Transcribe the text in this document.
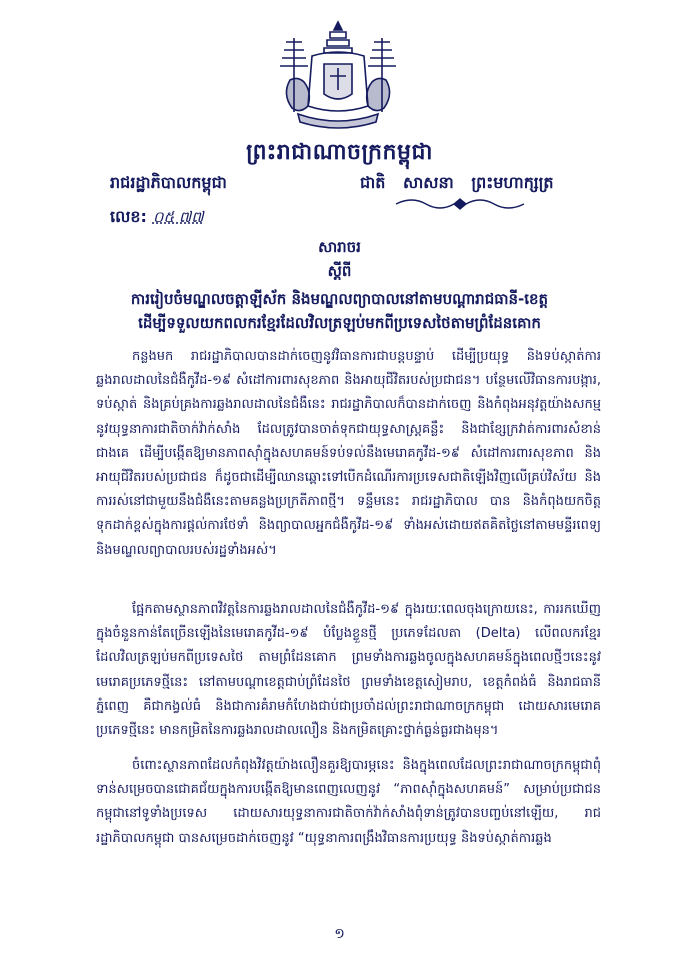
ព្រះរាជាណាចក្រកម្ពុជា
រាជរដ្ឋាភិបាលកម្ពុជា	ជាតិ សាសនា ព្រះមហាក្សត្រ
លេខ: ០៥ ៧៧
សារាចរ
ស្ដីពី
ការរៀបចំមណ្ឌលចត្តាឡីស័ក និងមណ្ឌលព្យាបាលនៅតាមបណ្ដារាជធានី-ខេត្ត
ដើម្បីទទួលយកពលករខ្មែរដែលវិលត្រឡប់មកពីប្រទេសថៃតាមព្រំដែនគោក

កន្លងមក រាជរដ្ឋាភិបាលបានដាក់ចេញនូវវិធានការជាបន្តបន្ទាប់ ដើម្បីប្រយុទ្ធ និងទប់ស្កាត់ការឆ្លងរាលដាលនៃជំងឺកូវីដ-១៩ សំដៅការពារសុខភាព និងអាយុជីវិតរបស់ប្រជាជន។ បន្ថែមលើវិធានការបង្ការ, ទប់ស្កាត់ និងគ្រប់គ្រងការឆ្លងរាលដាលនៃជំងឺនេះ រាជរដ្ឋាភិបាលក៏បានដាក់ចេញ និងកំពុងអនុវត្តយ៉ាងសកម្មនូវយុទ្ធនាការជាតិចាក់វ៉ាក់សាំង ដែលត្រូវបានចាត់ទុកជាយុទ្ធសាស្ត្រគន្លឹះ និងជាខែ្សក្រវាត់ការពារសំខាន់ជាងគេ ដើម្បីបង្កើតឱ្យមានភាពស៊ាំក្នុងសហគមន៍ទប់ទល់នឹងមេរោគកូវីដ-១៩ សំដៅការពារសុខភាព និងអាយុជីវិតរបស់ប្រជាជន ក៏ដូចជាដើម្បីឈានឆ្ពោះទៅបើកដំណើរការប្រទេសជាតិឡើងវិញលើគ្រប់វិស័យ និងការរស់នៅជាមួយនឹងជំងឺនេះតាមគន្លងប្រក្រតីភាពថ្មី។ ទន្ទឹមនេះ រាជរដ្ឋាភិបាល បាន និងកំពុងយកចិត្តទុកដាក់ខ្ពស់ក្នុងការផ្ដល់ការថែទាំ និងព្យាបាលអ្នកជំងឺកូវីដ-១៩ ទាំងអស់ដោយឥតគិតថ្លៃនៅតាមមន្ទីរពេទ្យ និងមណ្ឌលព្យាបាលរបស់រដ្ឋទាំងអស់។

ផ្អែកតាមស្ថានភាពវិវត្តនៃការឆ្លងរាលដាលនៃជំងឺកូវីដ-១៩ ក្នុងរយៈពេលចុងក្រោយនេះ, ការរកឃើញក្នុងចំនួនកាន់តែច្រើនឡើងនៃមេរោគកូវីដ-១៩ បំប្លែងខ្លួនថ្មី ប្រភេទដែលតា (Delta) លើពលករខ្មែរដែលវិលត្រឡប់មកពីប្រទេសថៃ តាមព្រំដែនគោក ព្រមទាំងការឆ្លងចូលក្នុងសហគមន៍ក្នុងពេលថ្មីៗនេះនូវមេរោគប្រភេទថ្មីនេះ នៅតាមបណ្ដាខេត្តជាប់ព្រំដែនថៃ ព្រមទាំងខេត្តសៀមរាប, ខេត្តកំពង់ធំ និងរាជធានីភ្នំពេញ គឺជាកង្វល់ធំ និងជាការគំរាមកំហែងជាប់ជាប្រចាំដល់ព្រះរាជាណាចក្រកម្ពុជា ដោយសារមេរោគប្រភេទថ្មីនេះ មានកម្រិតនៃការឆ្លងរាលដាលលឿន និងកម្រិតគ្រោះថ្នាក់ធ្ងន់ធ្ងរជាងមុន។

ចំពោះស្ថានភាពដែលកំពុងវិវត្តយ៉ាងលឿនគួរឱ្យបារម្ភនេះ និងក្នុងពេលដែលព្រះរាជាណាចក្រកម្ពុជាពុំទាន់សម្រេចបានជោគជ័យក្នុងការបង្កើតឱ្យមានពេញលេញនូវ “ភាពស៊ាំក្នុងសហគមន៍” សម្រាប់ប្រជាជនកម្ពុជានៅទូទាំងប្រទេស ដោយសារយុទ្ធនាការជាតិចាក់វ៉ាក់សាំងពុំទាន់ត្រូវបានបញ្ចប់នៅឡើយ, រាជរដ្ឋាភិបាលកម្ពុជា បានសម្រេចដាក់ចេញនូវ “យុទ្ធនាការពង្រឹងវិធានការប្រយុទ្ធ និងទប់ស្កាត់ការឆ្លង

១
